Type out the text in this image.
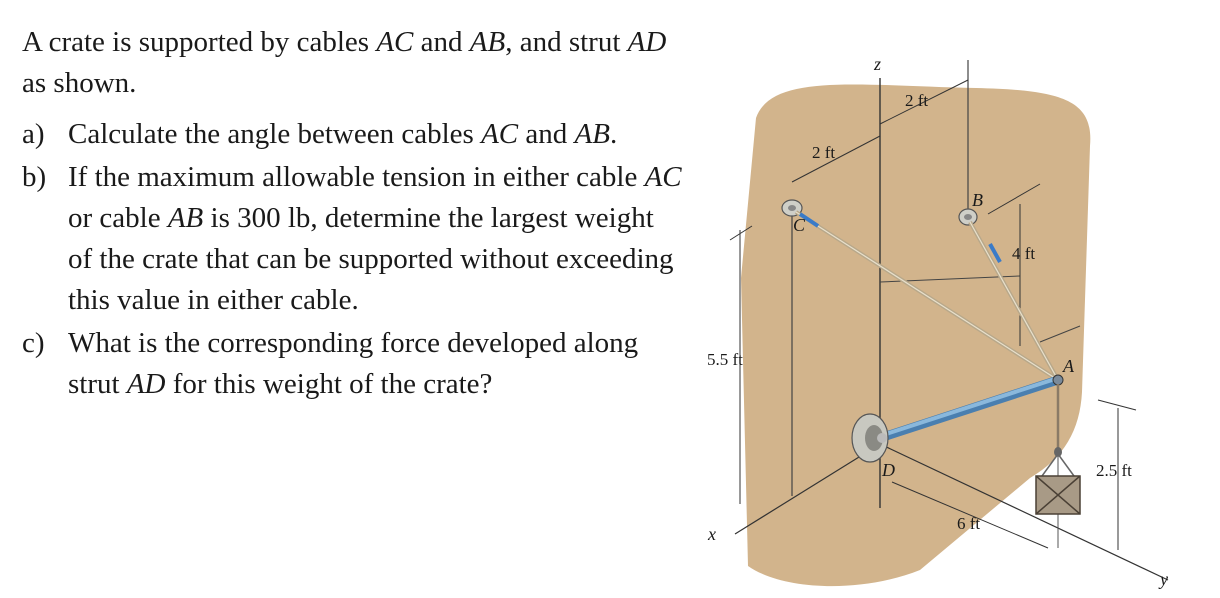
A crate is supported by cables AC and AB, and strut AD as shown.

a) Calculate the angle between cables AC and AB.
b) If the maximum allowable tension in either cable AC or cable AB is 300 lb, determine the largest weight of the crate that can be supported without exceeding this value in either cable.
c) What is the corresponding force developed along strut AD for this weight of the crate?
z
x
y
5.5 ft
2 ft
2 ft
4 ft
6 ft
2.5 ft
C
B
A
D
